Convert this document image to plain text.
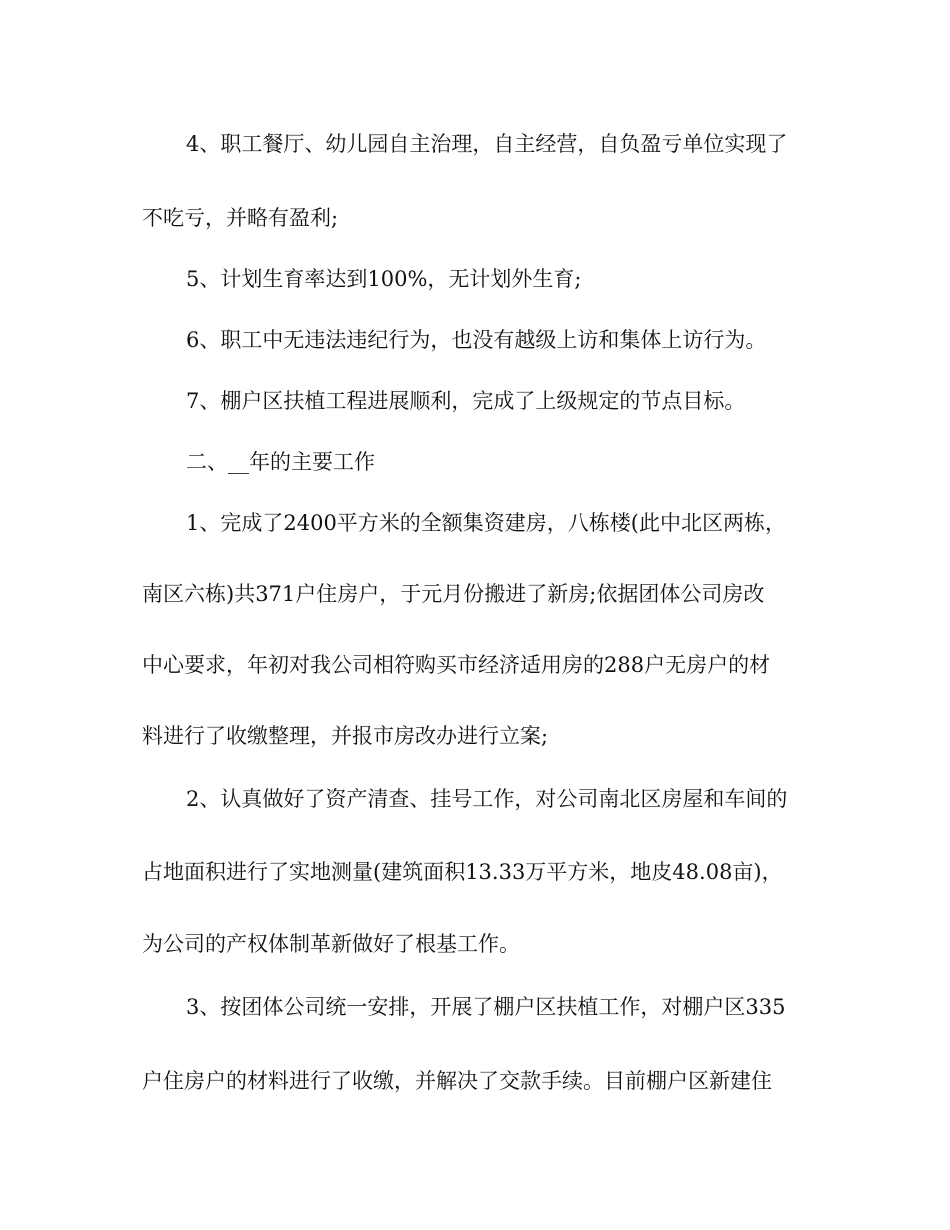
4、职工餐厅、幼儿园自主治理，自主经营，自负盈亏单位实现了

不吃亏，并略有盈利;

5、计划生育率达到100%，无计划外生育;

6、职工中无违法违纪行为，也没有越级上访和集体上访行为。

7、棚户区扶植工程进展顺利，完成了上级规定的节点目标。

二、__年的主要工作

1、完成了2400平方米的全额集资建房，八栋楼(此中北区两栋，

南区六栋)共371户住房户，于元月份搬进了新房;依据团体公司房改

中心要求，年初对我公司相符购买市经济适用房的288户无房户的材

料进行了收缴整理，并报市房改办进行立案;

2、认真做好了资产清查、挂号工作，对公司南北区房屋和车间的

占地面积进行了实地测量(建筑面积13.33万平方米，地皮48.08亩)，

为公司的产权体制革新做好了根基工作。

3、按团体公司统一安排，开展了棚户区扶植工作，对棚户区335

户住房户的材料进行了收缴，并解决了交款手续。目前棚户区新建住
